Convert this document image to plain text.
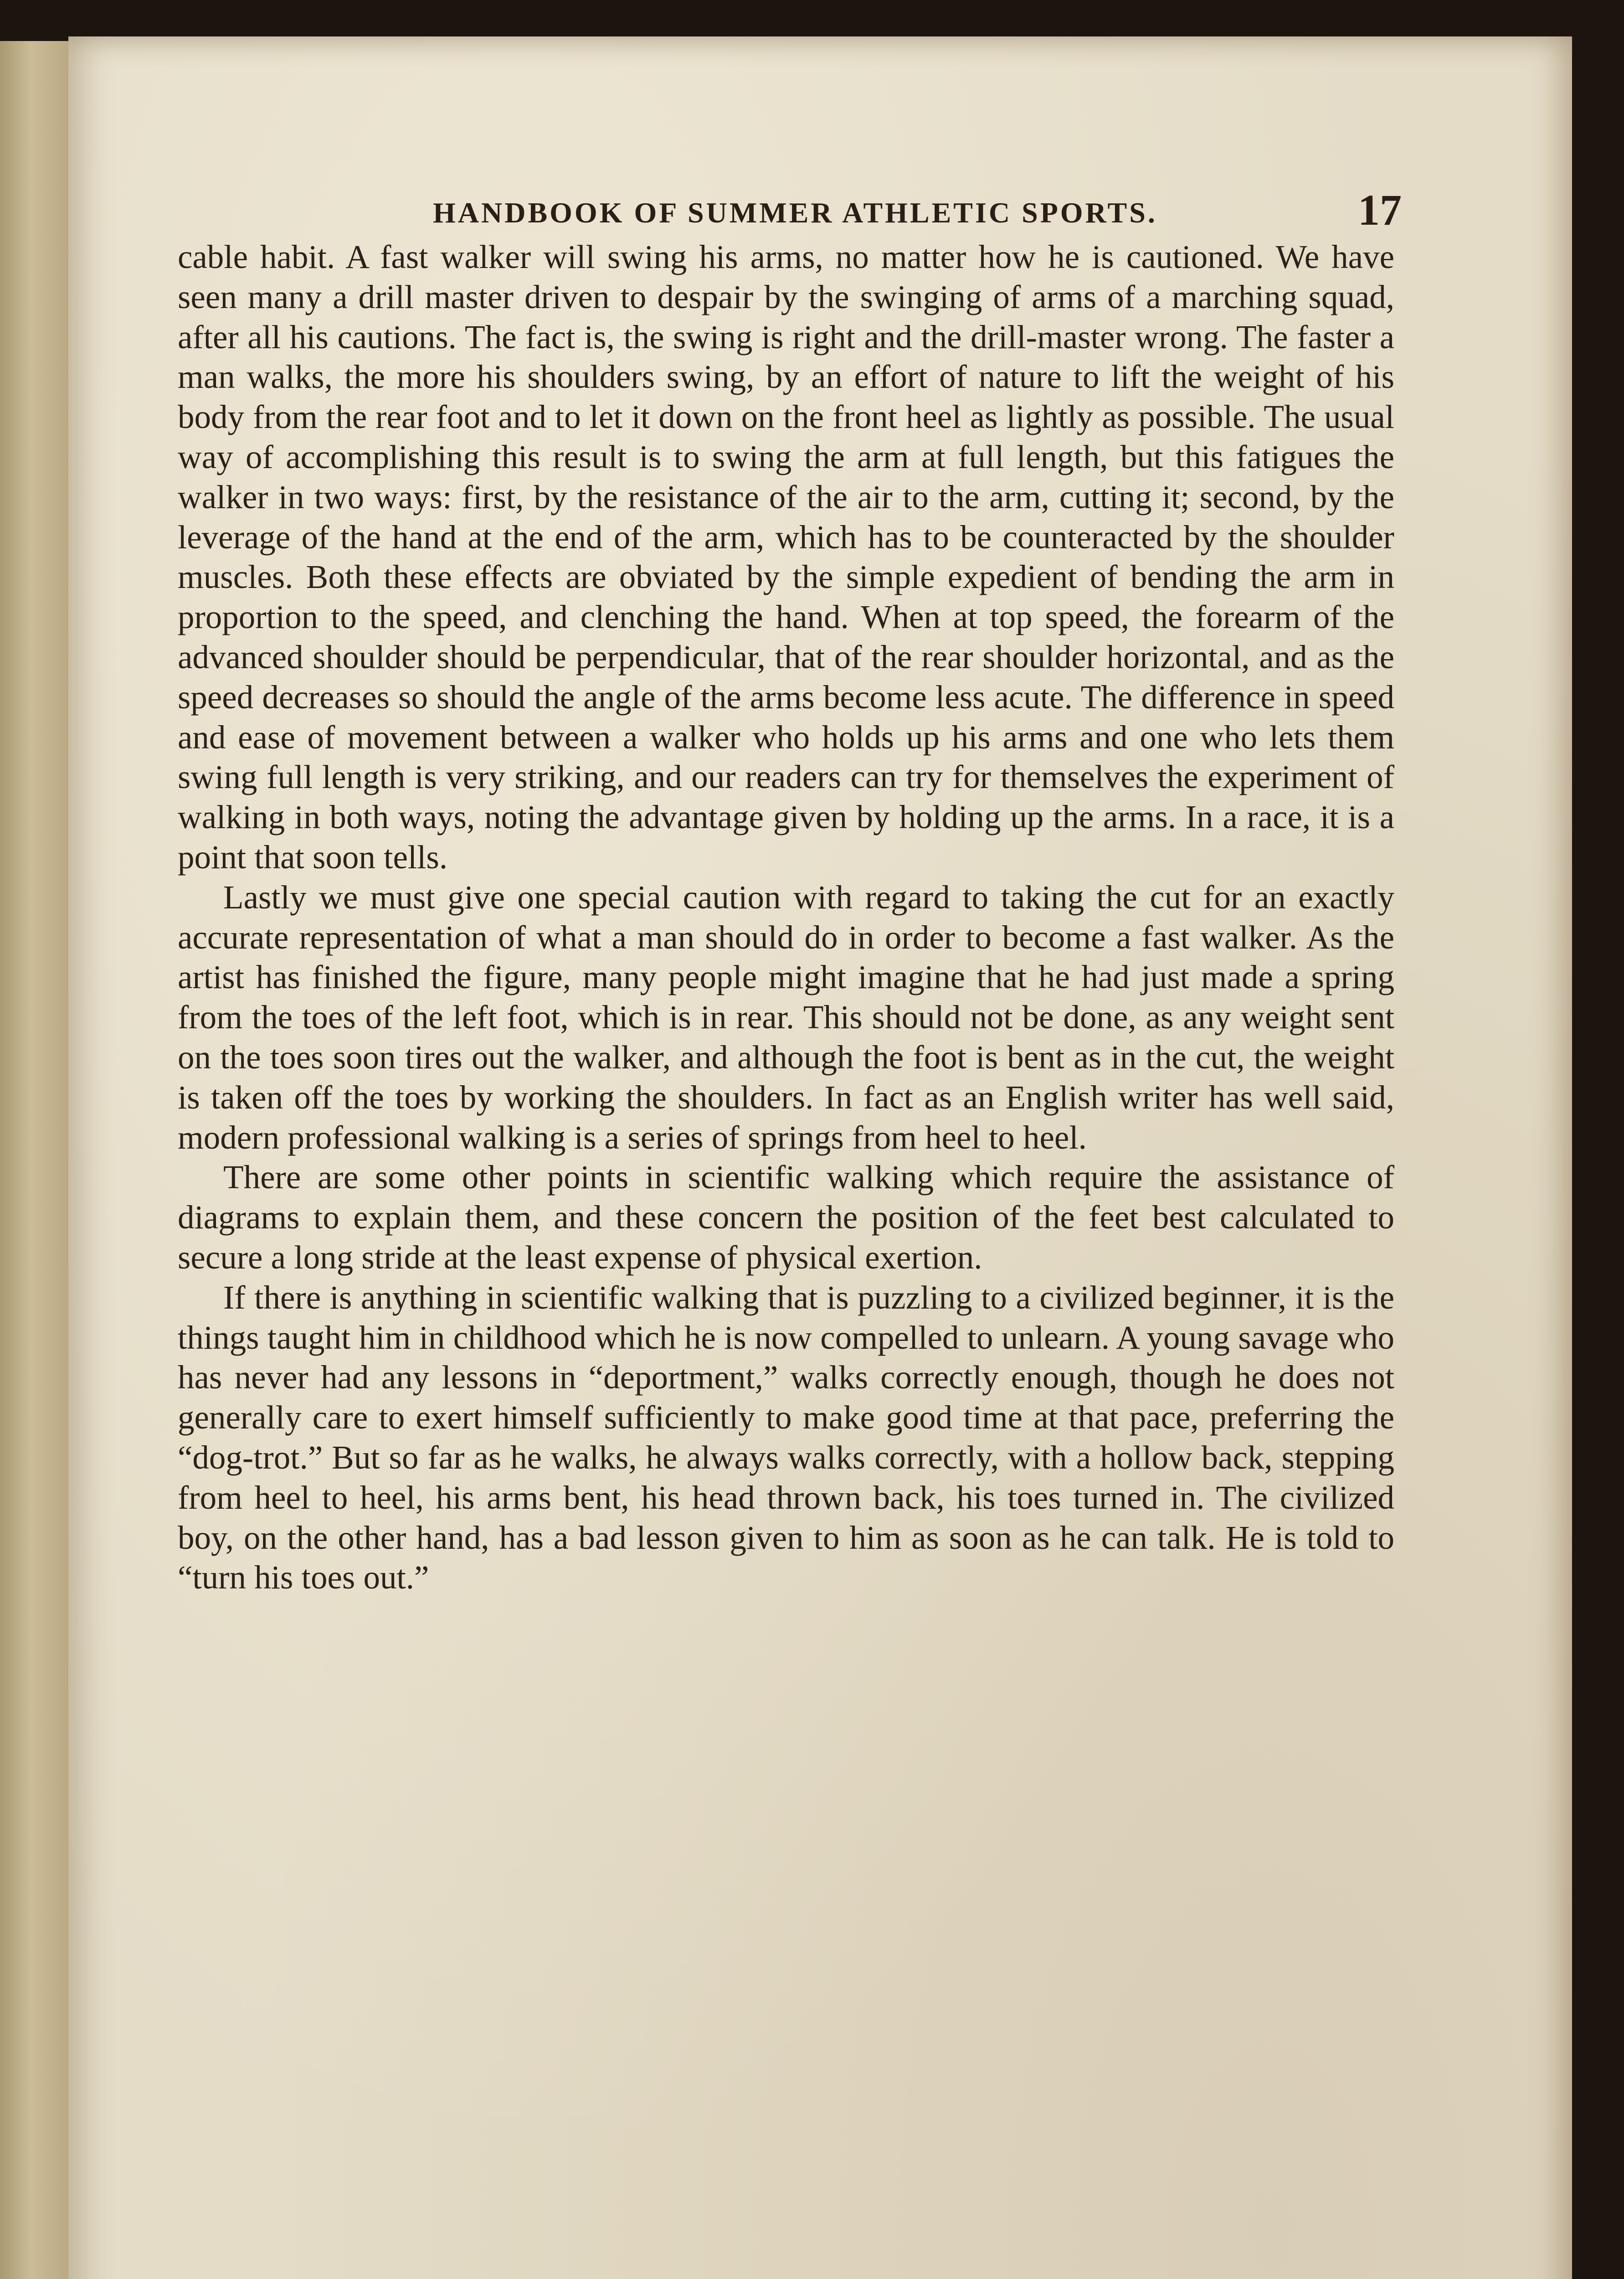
HANDBOOK OF SUMMER ATHLETIC SPORTS.	17

cable habit. A fast walker will swing his arms, no matter how he is cautioned. We have seen many a drill master driven to despair by the swinging of arms of a marching squad, after all his cautions. The fact is, the swing is right and the drill-master wrong. The faster a man walks, the more his shoulders swing, by an effort of nature to lift the weight of his body from the rear foot and to let it down on the front heel as lightly as possible. The usual way of accomplishing this result is to swing the arm at full length, but this fatigues the walker in two ways: first, by the resistance of the air to the arm, cutting it; second, by the leverage of the hand at the end of the arm, which has to be counteracted by the shoulder muscles. Both these effects are obviated by the simple expedient of bending the arm in proportion to the speed, and clenching the hand. When at top speed, the forearm of the advanced shoulder should be perpendicular, that of the rear shoulder horizontal, and as the speed decreases so should the angle of the arms become less acute. The difference in speed and ease of movement between a walker who holds up his arms and one who lets them swing full length is very striking, and our readers can try for themselves the experiment of walking in both ways, noting the advantage given by holding up the arms. In a race, it is a point that soon tells.

Lastly we must give one special caution with regard to taking the cut for an exactly accurate representation of what a man should do in order to become a fast walker. As the artist has finished the figure, many people might imagine that he had just made a spring from the toes of the left foot, which is in rear. This should not be done, as any weight sent on the toes soon tires out the walker, and although the foot is bent as in the cut, the weight is taken off the toes by working the shoulders. In fact as an English writer has well said, modern professional walking is a series of springs from heel to heel.

There are some other points in scientific walking which require the assistance of diagrams to explain them, and these concern the position of the feet best calculated to secure a long stride at the least expense of physical exertion.

If there is anything in scientific walking that is puzzling to a civilized beginner, it is the things taught him in childhood which he is now compelled to unlearn. A young savage who has never had any lessons in “deportment,” walks correctly enough, though he does not generally care to exert himself sufficiently to make good time at that pace, preferring the “dog-trot.” But so far as he walks, he always walks correctly, with a hollow back, stepping from heel to heel, his arms bent, his head thrown back, his toes turned in. The civilized boy, on the other hand, has a bad lesson given to him as soon as he can talk. He is told to “turn his toes out.”
